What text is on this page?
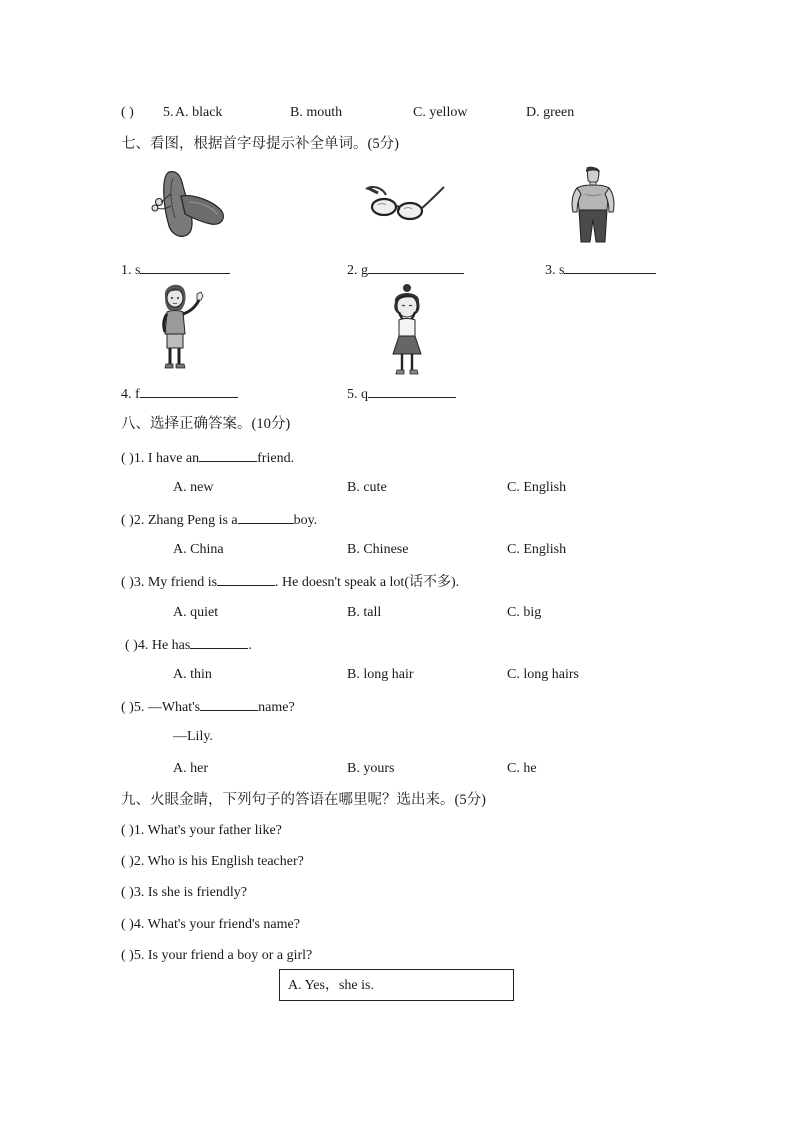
( ) 5. A. black	B. mouth	C. yellow	D. green
七、看图，根据首字母提示补全单词。(5分)
1. s	2. g	3. s
4. f	5. q
八、选择正确答案。(10分)
( )1. I have an	friend.
A. new	B. cute	C. English
( )2. Zhang Peng is a	boy.
A. China	B. Chinese	C. English
( )3. My friend is	. He doesn't speak a lot(话不多).
A. quiet	B. tall	C. big
( )4. He has	.
A. thin	B. long hair	C. long hairs
( )5. —What's	name?
—Lily.
A. her	B. yours	C. he
九、火眼金睛，下列句子的答语在哪里呢？选出来。(5分)
( )1. What's your father like?
( )2. Who is his English teacher?
( )3. Is she is friendly?
( )4. What's your friend's name?
( )5. Is your friend a boy or a girl?
A. Yes，she is.
